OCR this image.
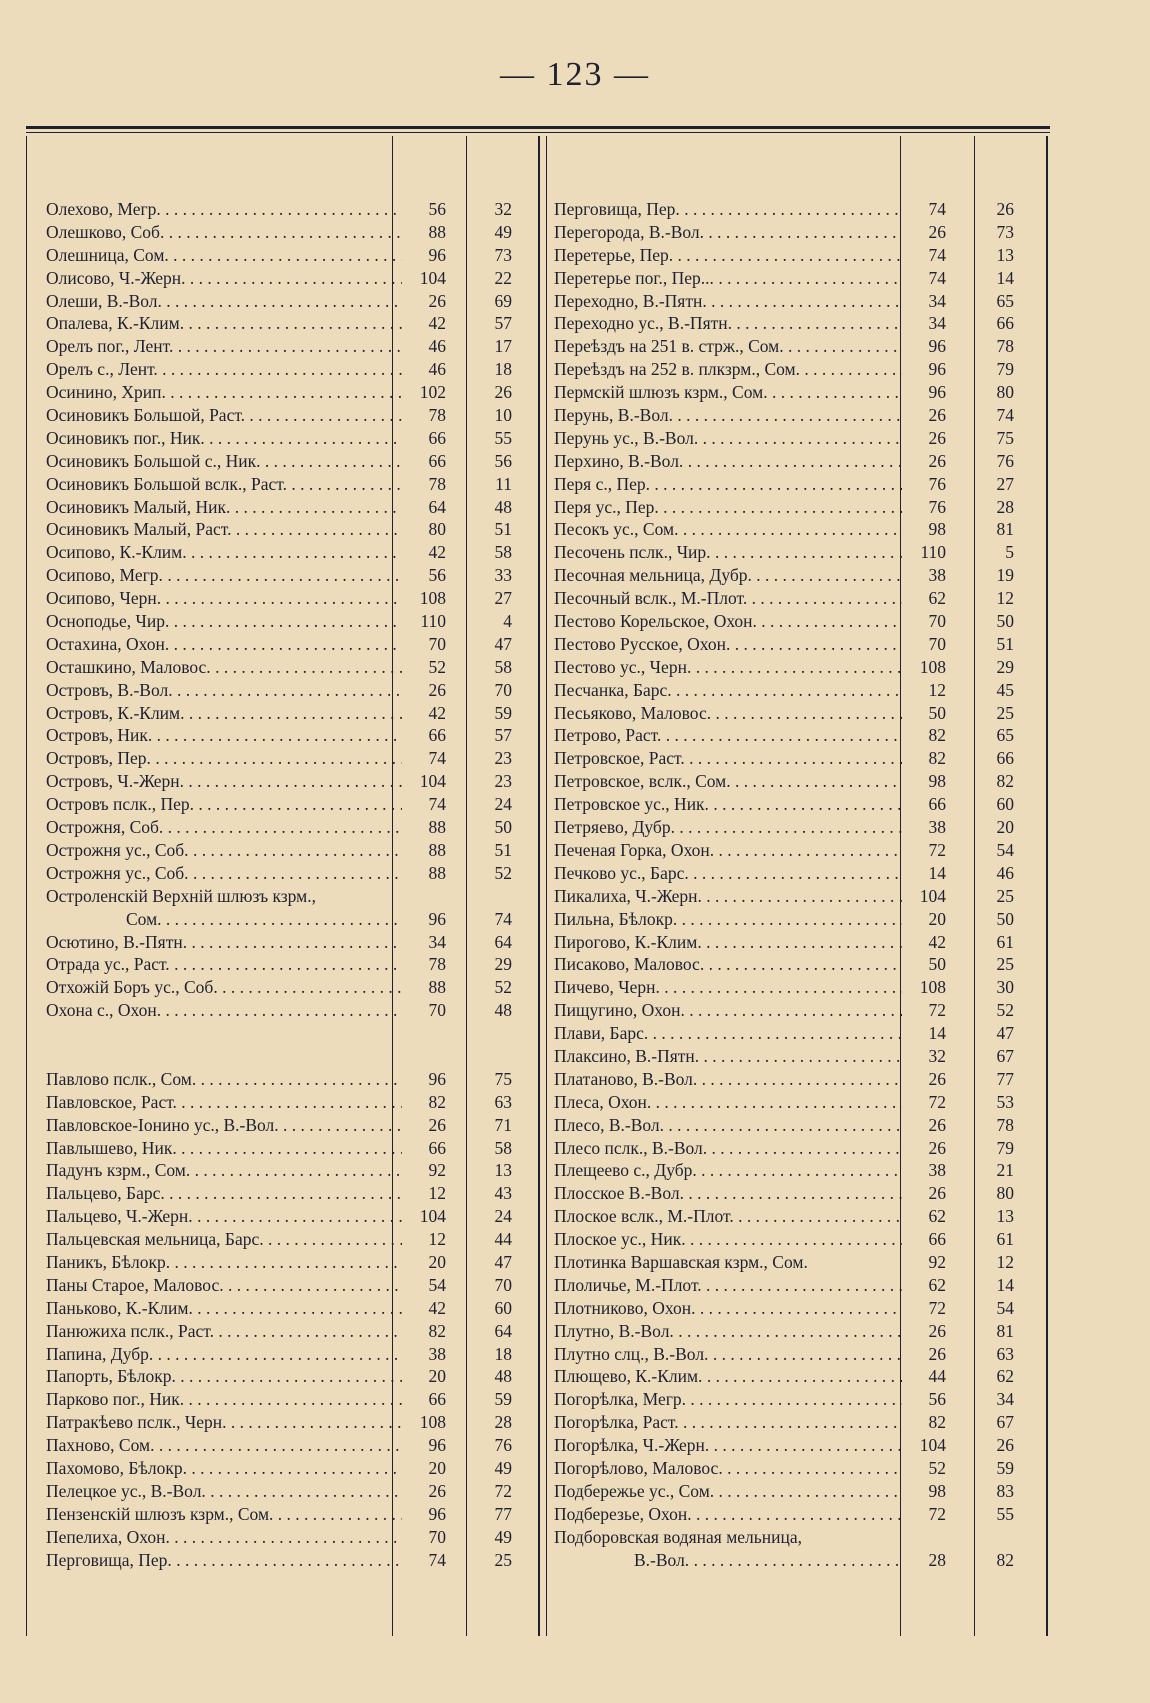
— 123 —
Олехово, Мегр. . . .	56	32
Олешково, Соб. . . .	88	49
Олешница, Сом. . . .	96	73
Олисово, Ч.-Жерн. . . .	104	22
Олеши, В.-Вол. . . .	26	69
Опалева, К.-Клим. . . .	42	57
Орелъ пог., Лент. . . .	46	17
Орелъ с., Лент. . . .	46	18
Осинино, Хрип. . . .	102	26
Осиновикъ Большой, Раст. . . .	78	10
Осиновикъ пог., Ник. . . .	66	55
Осиновикъ Большой с., Ник. . . .	66	56
Осиновикъ Большой вслк., Раст. . . .	78	11
Осиновикъ Малый, Ник. . . .	64	48
Осиновикъ Малый, Раст. . . .	80	51
Осипово, К.-Клим. . . .	42	58
Осипово, Мегр. . . .	56	33
Осипово, Черн. . . .	108	27
Осноподье, Чир. . . .	110	4
Остахина, Охон. . . .	70	47
Осташкино, Маловос. . . .	52	58
Островъ, В.-Вол. . . .	26	70
Островъ, К.-Клим. . . .	42	59
Островъ, Ник. . . .	66	57
Островъ, Пер. . . .	74	23
Островъ, Ч.-Жерн. . . .	104	23
Островъ пслк., Пер. . . .	74	24
Острожня, Соб. . . .	88	50
Острожня ус., Соб. . . .	88	51
Острожня ус., Соб. . . .	88	52
Остроленскій Верхній шлюзъ кзрм.,
Сом. . . .	96	74
Осютино, В.-Пятн. . . .	34	64
Отрада ус., Раст. . . .	78	29
Отхожій Боръ ус., Соб. . . .	88	52
Охона с., Охон. . . .	70	48
Павлово пслк., Сом. . . .	96	75
Павловское, Раст. . . .	82	63
Павловское-Іонино ус., В.-Вол. . . .	26	71
Павлышево, Ник. . . .	66	58
Падунъ кзрм., Сом. . . .	92	13
Пальцево, Барс. . . .	12	43
Пальцево, Ч.-Жерн. . . .	104	24
Пальцевская мельница, Барс. . . .	12	44
Паникъ, Бѣлокр. . . .	20	47
Паны Старое, Маловос. . . .	54	70
Паньково, К.-Клим. . . .	42	60
Панюжиха пслк., Раст. . . .	82	64
Папина, Дубр. . . .	38	18
Папорть, Бѣлокр. . . .	20	48
Парково пог., Ник. . . .	66	59
Патракѣево пслк., Черн. . . .	108	28
Пахново, Сом. . . .	96	76
Пахомово, Бѣлокр. . . .	20	49
Пелецкое ус., В.-Вол. . . .	26	72
Пензенскій шлюзъ кзрм., Сом. . . .	96	77
Пепелиха, Охон. . . .	70	49
Перговища, Пер. . . .	74	25
Перговища, Пер. . . .	74	26
Перегорода, В.-Вол. . . .	26	73
Перетерье, Пер. . . .	74	13
Перетерье пог., Пер... . . .	74	14
Переходно, В.-Пятн. . . .	34	65
Переходно ус., В.-Пятн. . . .	34	66
Переѣздъ на 251 в. стрж., Сом. . . .	96	78
Переѣздъ на 252 в. плкзрм., Сом. . . .	96	79
Пермскій шлюзъ кзрм., Сом. . . .	96	80
Перунь, В.-Вол. . . .	26	74
Перунь ус., В.-Вол. . . .	26	75
Перхино, В.-Вол. . . .	26	76
Перя с., Пер. . . .	76	27
Перя ус., Пер. . . .	76	28
Песокъ ус., Сом. . . .	98	81
Песочень пслк., Чир. . . .	110	5
Песочная мельница, Дубр. . . .	38	19
Песочный вслк., М.-Плот. . . .	62	12
Пестово Корельское, Охон. . . .	70	50
Пестово Русское, Охон. . . .	70	51
Пестово ус., Черн. . . .	108	29
Песчанка, Барс. . . .	12	45
Песьяково, Маловос. . . .	50	25
Петрово, Раст. . . .	82	65
Петровское, Раст. . . .	82	66
Петровское, вслк., Сом. . . .	98	82
Петровское ус., Ник. . . .	66	60
Петряево, Дубр. . . .	38	20
Печеная Горка, Охон. . . .	72	54
Печково ус., Барс. . . .	14	46
Пикалиха, Ч.-Жерн. . . .	104	25
Пильна, Бѣлокр. . . .	20	50
Пирогово, К.-Клим. . . .	42	61
Писаково, Маловос. . . .	50	25
Пичево, Черн. . . .	108	30
Пищугино, Охон. . . .	72	52
Плави, Барс. . . .	14	47
Плаксино, В.-Пятн. . . .	32	67
Платаново, В.-Вол. . . .	26	77
Плеса, Охон. . . .	72	53
Плесо, В.-Вол. . . .	26	78
Плесо пслк., В.-Вол. . . .	26	79
Плещеево с., Дубр. . . .	38	21
Плосское В.-Вол. . . .	26	80
Плоское вслк., М.-Плот. . . .	62	13
Плоское ус., Ник. . . .	66	61
Плотинка Варшавская кзрм., Сом.	92	12
Плоличье, М.-Плот. . . .	62	14
Плотниково, Охон. . . .	72	54
Плутно, В.-Вол. . . .	26	81
Плутно слц., В.-Вол. . . .	26	63
Плющево, К.-Клим. . . .	44	62
Погорѣлка, Мегр. . . .	56	34
Погорѣлка, Раст. . . .	82	67
Погорѣлка, Ч.-Жерн. . . .	104	26
Погорѣлово, Маловос. . . .	52	59
Подбережье ус., Сом. . . .	98	83
Подберезье, Охон. . . .	72	55
Подборовская водяная мельница,
В.-Вол. . . .	28	82
